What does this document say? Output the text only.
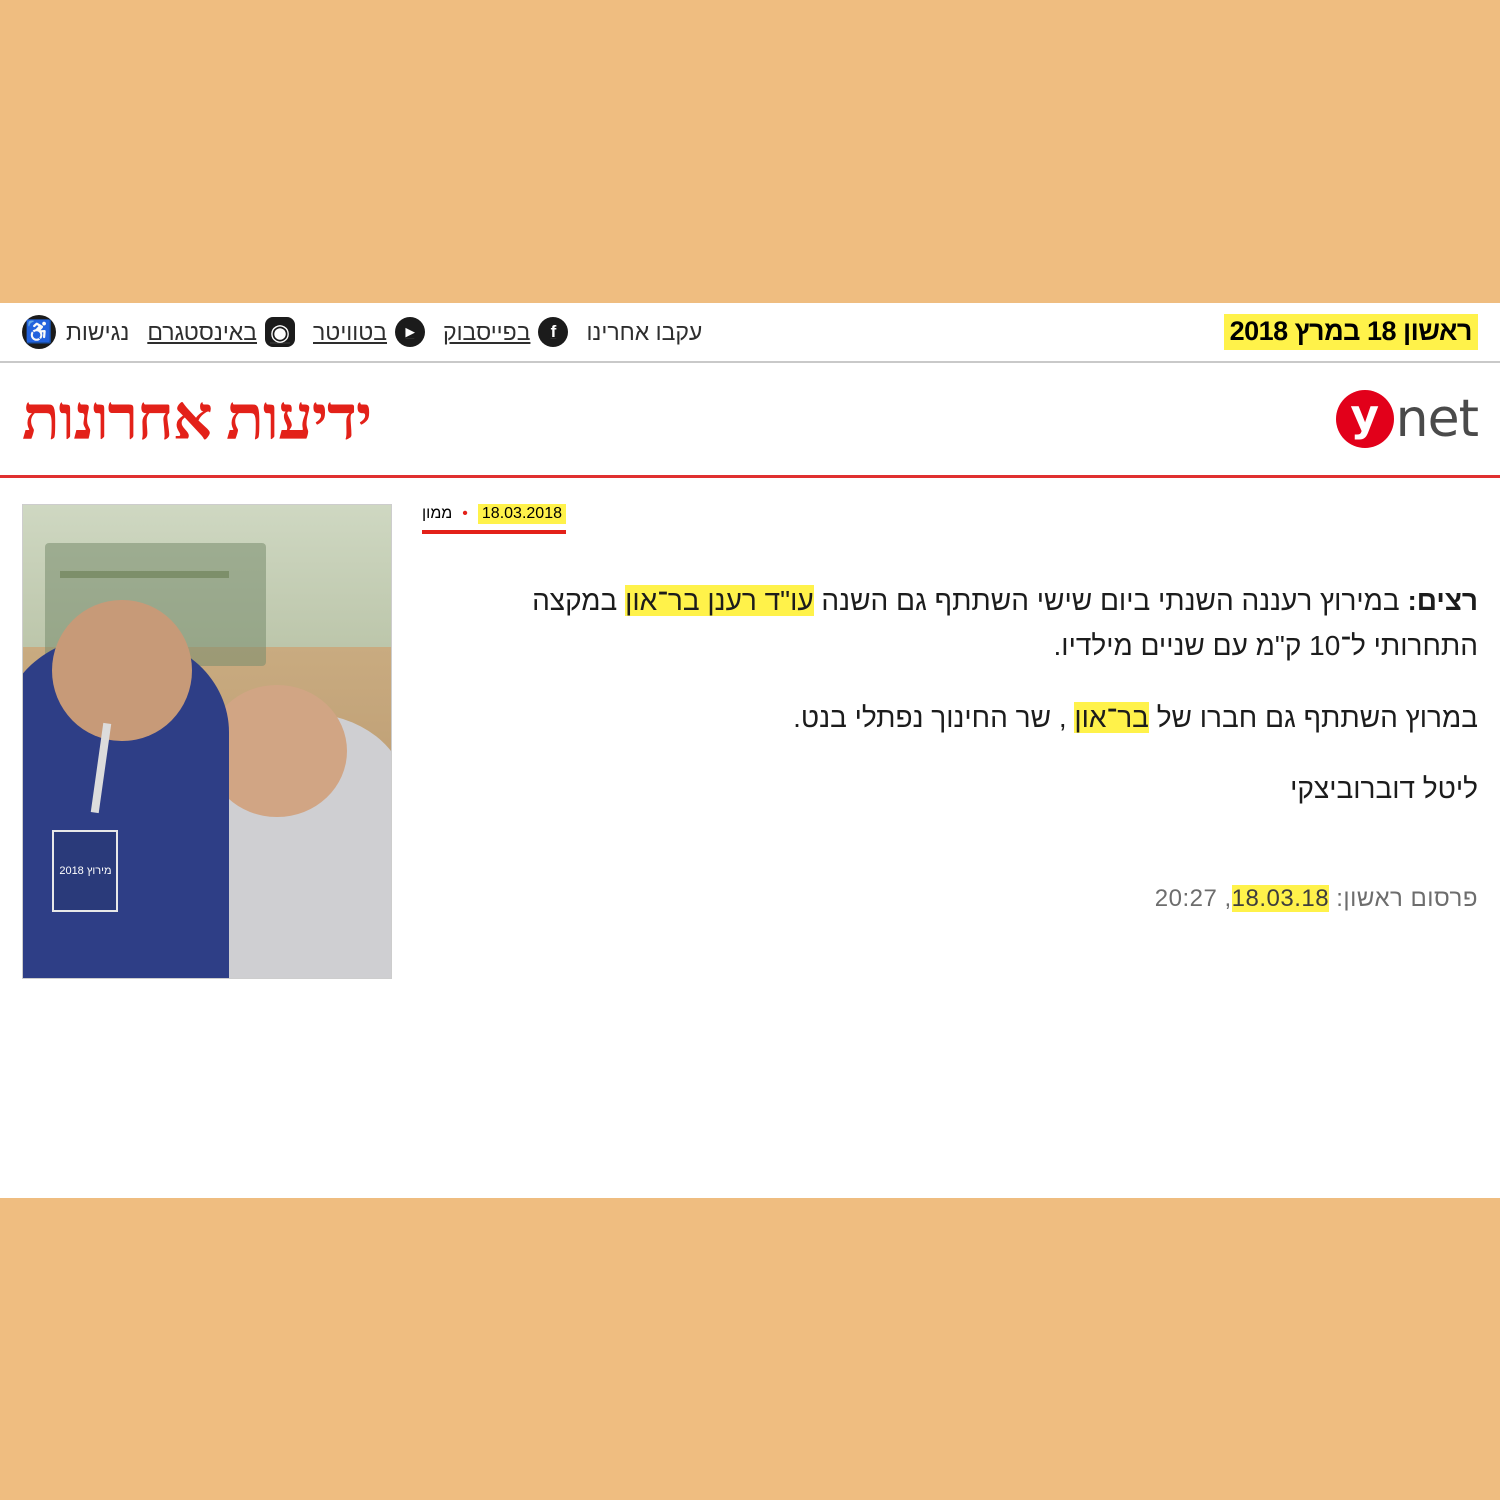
ראשון 18 במרץ 2018
עקבו אחרינו
f
בפייסבוק
▸
בטוויטר
◉
באינסטגרם
נגישות
♿
y net
ידיעות אחרונות
18.03.2018
•
ממון

רצים: במירוץ רעננה השנתי ביום שישי השתתף גם השנה עו"ד רענן בר־און במקצה התחרותי ל־10 ק"מ עם שניים מילדיו.

במרוץ השתתף גם חברו של בר־און , שר החינוך נפתלי בנט.

ליטל דוברוביצקי

פרסום ראשון: 18.03.18, 20:27
מירוץ 2018
